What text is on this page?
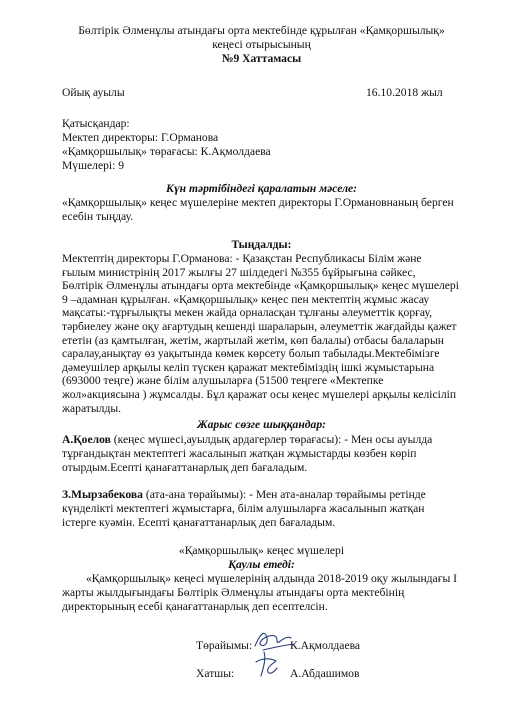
Бөлтірік Әлменұлы атындағы орта мектебінде құрылған «Қамқоршылық»
кеңесі отырысының
№9 Хаттамасы
Ойық ауылы	16.10.2018 жыл
Қатысқандар:
Мектеп директоры: Г.Орманова
«Қамқоршылық» төрағасы: К.Ақмолдаева
Мүшелері: 9
Күн тәртібіндегі қаралатын мәселе:
«Қамқоршылық» кеңес мүшелеріне мектеп директоры Г.Ормановнаның берген
есебін тыңдау.
Тыңдалды:
Мектептің директоры Г.Орманова: - Қазақстан Республикасы Білім және
ғылым министрінің 2017 жылғы 27 шілдедегі №355 бұйрығына сәйкес,
Бөлтірік Әлменұлы атындағы орта мектебінде «Қамқоршылық» кеңес мүшелері
9 –адамнан құрылған. «Қамқоршылық» кеңес пен мектептің жұмыс жасау
мақсаты:-тұрғылықты мекен жайда орналасқан тұлғаны әлеуметтік қорғау,
тәрбиелеу және оқу ағартудың кешенді шараларын, әлеуметтік жағдайды қажет
ететін (аз қамтылған, жетім, жартылай жетім, көп балалы) отбасы балаларын
саралау,анықтау өз уақытында көмек көрсету болып табылады.Мектебімізге
дәмеушілер арқылы келіп түскен қаражат мектебіміздің ішкі жұмыстарына
(693000 теңге) және білім алушыларға (51500 теңгеге «Мектепке
жол»акциясына ) жұмсалды. Бұл қаражат осы кеңес мүшелері арқылы келісіліп
жаратылды.
Жарыс сөзге шыққандар:
А.Қоелов (кеңес мүшесі,ауылдық ардагерлер төрағасы): - Мен осы ауылда
тұрғандықтан мектептегі жасалынып жатқан жұмыстарды көзбен көріп
отырдым.Есепті қанағаттанарлық деп бағаладым.
З.Мырзабекова (ата-ана төрайымы): - Мен ата-аналар төрайымы ретінде
күнделікті мектептегі жұмыстарға, білім алушыларға жасалынып жатқан
істерге куәмін. Есепті қанағаттанарлық деп бағаладым.
«Қамқоршылық» кеңес мүшелері
Қаулы етеді:
«Қамқоршылық» кеңесі мүшелерінің алдында 2018-2019 оқу жылындағы І
жарты жылдығындағы Бөлтірік Әлменұлы атындағы орта мектебінің
директорының есебі қанағаттанарлық деп есептелсін.
Төрайымы:	К.Ақмолдаева
Хатшы:	А.Абдашимов
